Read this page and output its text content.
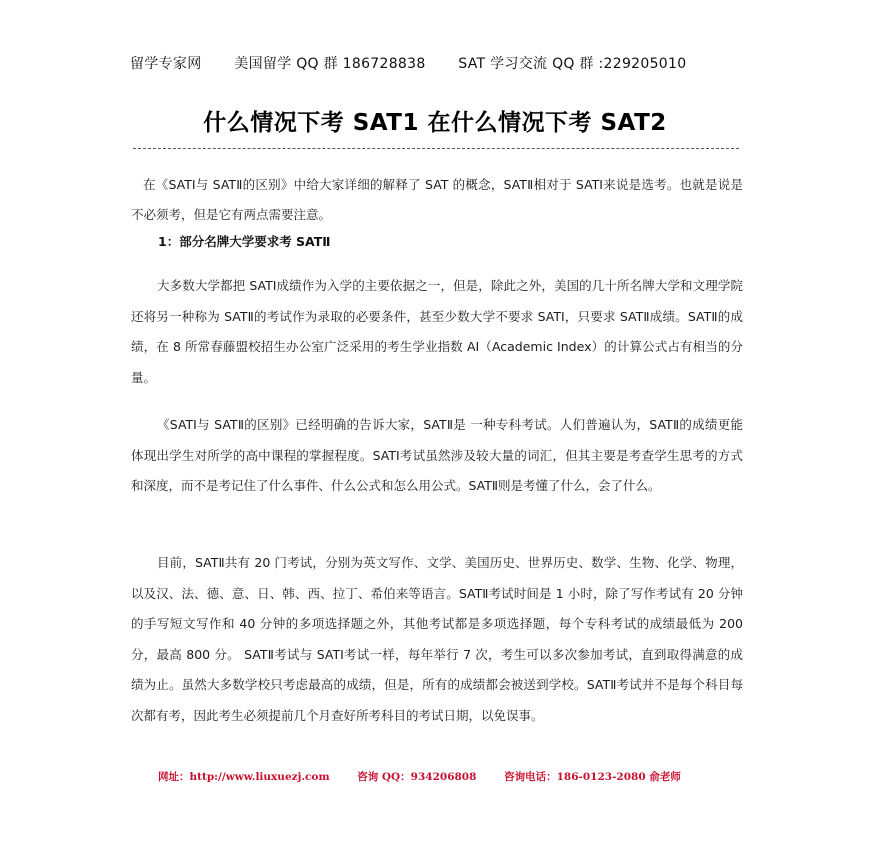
留学专家网 美国留学 QQ 群 186728838 SAT 学习交流 QQ 群 :229205010
什么情况下考 SAT1 在什么情况下考 SAT2

在《SATI与 SATⅡ的区别》中给大家详细的解释了 SAT 的概念，SATⅡ相对于 SATI来说是选考。也就是说是不必须考，但是它有两点需要注意。

1：部分名牌大学要求考 SATⅡ

大多数大学都把 SATI成绩作为入学的主要依据之一，但是，除此之外，美国的几十所名牌大学和文理学院还将另一种称为 SATⅡ的考试作为录取的必要条件，甚至少数大学不要求 SATI，只要求 SATⅡ成绩。SATⅡ的成绩，在 8 所常春藤盟校招生办公室广泛采用的考生学业指数 AI（Academic Index）的计算公式占有相当的分量。

《SATI与 SATⅡ的区别》已经明确的告诉大家，SATⅡ是 一种专科考试。人们普遍认为，SATⅡ的成绩更能体现出学生对所学的高中课程的掌握程度。SATI考试虽然涉及较大量的词汇，但其主要是考查学生思考的方式和深度，而不是考记住了什么事件、什么公式和怎么用公式。SATⅡ则是考懂了什么，会了什么。

目前，SATⅡ共有 20 门考试，分别为英文写作、文学、美国历史、世界历史、数学、生物、化学、物理，以及汉、法、德、意、日、韩、西、拉丁、希伯来等语言。SATⅡ考试时间是 1 小时，除了写作考试有 20 分钟的手写短文写作和 40 分钟的多项选择题之外，其他考试都是多项选择题，每个专科考试的成绩最低为 200 分，最高 800 分。 SATⅡ考试与 SATI考试一样，每年举行 7 次，考生可以多次参加考试，直到取得满意的成绩为止。虽然大多数学校只考虑最高的成绩，但是，所有的成绩都会被送到学校。SATⅡ考试并不是每个科目每次都有考，因此考生必须提前几个月查好所考科目的考试日期，以免误事。

网址：http://www.liuxuezj.com	咨询 QQ：934206808	咨询电话：186-0123-2080 俞老师
